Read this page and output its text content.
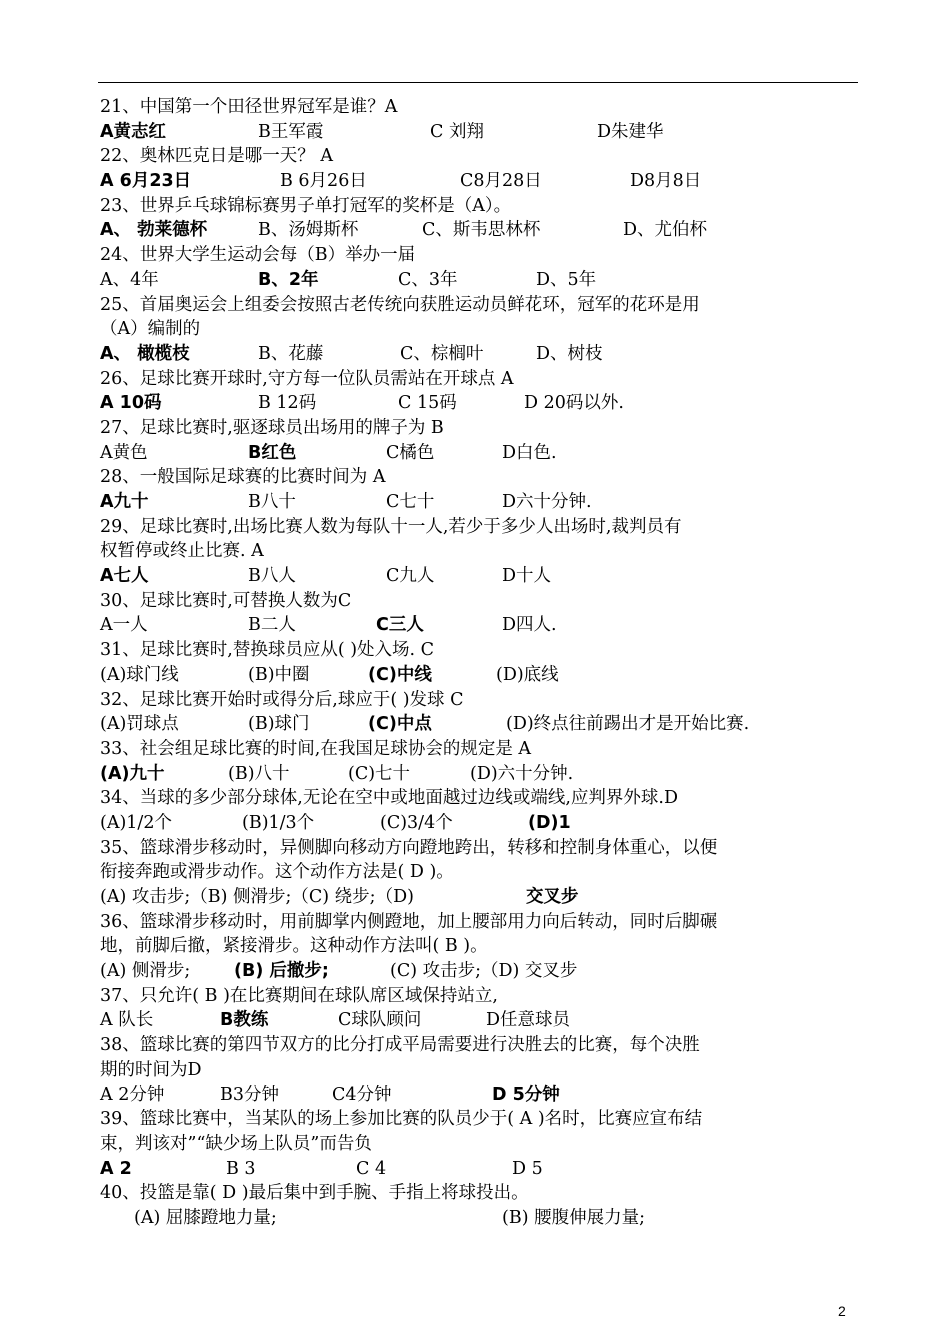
21、中国第一个田径世界冠军是谁？A
A黄志红	B王军霞	C 刘翔	D朱建华
22、奥林匹克日是哪一天？ A
A 6月23日	B 6月26日	C8月28日	D8月8日
23、世界乒乓球锦标赛男子单打冠军的奖杯是（A）。
A、 勃莱德杯	B、汤姆斯杯	C、斯韦思林杯	D、尤伯杯
24、世界大学生运动会每（B）举办一届
A、4年	B、2年	C、3年	D、5年
25、首届奥运会上组委会按照古老传统向获胜运动员鲜花环，冠军的花环是用
（A）编制的
A、 橄榄枝	B、花藤	C、棕榈叶	D、树枝
26、足球比赛开球时,守方每一位队员需站在开球点 A
A 10码	B 12码	C 15码	D 20码以外.
27、足球比赛时,驱逐球员出场用的牌子为 B
A黄色	B红色	C橘色	D白色.
28、一般国际足球赛的比赛时间为 A
A九十	B八十	C七十	D六十分钟.
29、足球比赛时,出场比赛人数为每队十一人,若少于多少人出场时,裁判员有
权暂停或终止比赛. A
A七人	B八人	C九人	D十人
30、足球比赛时,可替换人数为C
A一人	B二人	C三人	D四人.
31、足球比赛时,替换球员应从( )处入场. C
(A)球门线	(B)中圈	(C)中线	(D)底线
32、足球比赛开始时或得分后,球应于( )发球 C
(A)罚球点	(B)球门	(C)中点	(D)终点往前踢出才是开始比赛.
33、社会组足球比赛的时间,在我国足球协会的规定是 A
(A)九十	(B)八十	(C)七十	(D)六十分钟.
34、当球的多少部分球体,无论在空中或地面越过边线或端线,应判界外球.D
(A)1/2个	(B)1/3个	(C)3/4个	(D)1
35、篮球滑步移动时，异侧脚向移动方向蹬地跨出，转移和控制身体重心，以便
衔接奔跑或滑步动作。这个动作方法是( D )。
(A) 攻击步;（B) 侧滑步;（C) 绕步;（D)	交叉步
36、篮球滑步移动时，用前脚掌内侧蹬地，加上腰部用力向后转动，同时后脚碾
地，前脚后撤，紧接滑步。这种动作方法叫( B )。
(A) 侧滑步; (B) 后撤步;	(C) 攻击步;（D) 交叉步
37、只允许( B )在比赛期间在球队席区域保持站立,
A 队长	B教练	C球队顾问	D任意球员
38、篮球比赛的第四节双方的比分打成平局需要进行决胜去的比赛，每个决胜
期的时间为D
A 2分钟	B3分钟	C4分钟	D 5分钟
39、篮球比赛中，当某队的场上参加比赛的队员少于( A )名时，比赛应宣布结
束，判该对”“缺少场上队员”而告负
A 2	B 3	C 4	D 5
40、投篮是靠( D )最后集中到手腕、手指上将球投出。
(A) 屈膝蹬地力量;	(B) 腰腹伸展力量;
2
